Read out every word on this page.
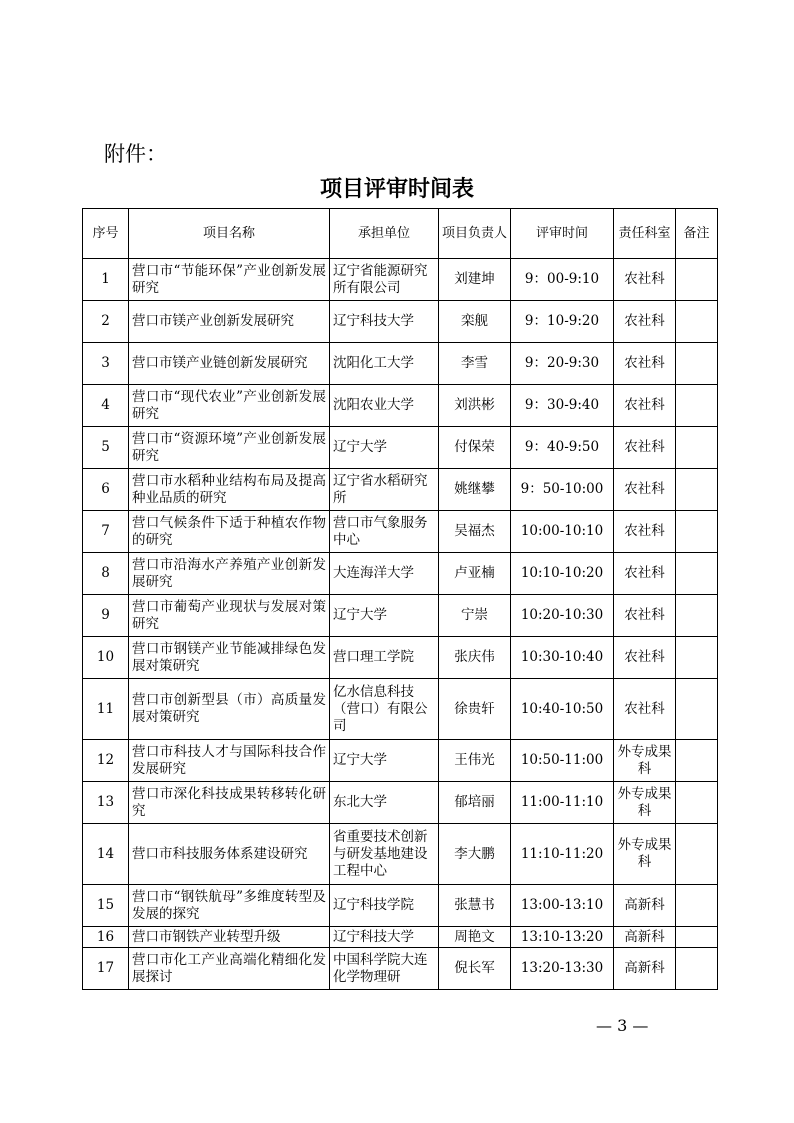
附件：
项目评审时间表
序号	项目名称	承担单位	项目负责人	评审时间	责任科室	备注
1	营口市“节能环保”产业创新发展研究	辽宁省能源研究所有限公司	刘建坤	9：00-9:10	农社科	
2	营口市镁产业创新发展研究	辽宁科技大学	栾舰	9：10-9:20	农社科	
3	营口市镁产业链创新发展研究	沈阳化工大学	李雪	9：20-9:30	农社科	
4	营口市“现代农业”产业创新发展研究	沈阳农业大学	刘洪彬	9：30-9:40	农社科	
5	营口市“资源环境”产业创新发展研究	辽宁大学	付保荣	9：40-9:50	农社科	
6	营口市水稻种业结构布局及提高种业品质的研究	辽宁省水稻研究所	姚继攀	9：50-10:00	农社科	
7	营口气候条件下适于种植农作物的研究	营口市气象服务中心	吴福杰	10:00-10:10	农社科	
8	营口市沿海水产养殖产业创新发展研究	大连海洋大学	卢亚楠	10:10-10:20	农社科	
9	营口市葡萄产业现状与发展对策研究	辽宁大学	宁崇	10:20-10:30	农社科	
10	营口市钢镁产业节能减排绿色发展对策研究	营口理工学院	张庆伟	10:30-10:40	农社科	
11	营口市创新型县（市）高质量发展对策研究	亿水信息科技（营口）有限公司	徐贵轩	10:40-10:50	农社科	
12	营口市科技人才与国际科技合作发展研究	辽宁大学	王伟光	10:50-11:00	外专成果科	
13	营口市深化科技成果转移转化研究	东北大学	郁培丽	11:00-11:10	外专成果科	
14	营口市科技服务体系建设研究	省重要技术创新与研发基地建设工程中心	李大鹏	11:10-11:20	外专成果科	
15	营口市“钢铁航母”多维度转型及发展的探究	辽宁科技学院	张慧书	13:00-13:10	高新科	
16	营口市钢铁产业转型升级	辽宁科技大学	周艳文	13:10-13:20	高新科	
17	营口市化工产业高端化精细化发展探讨	中国科学院大连化学物理研	倪长军	13:20-13:30	高新科	
— 3 —
